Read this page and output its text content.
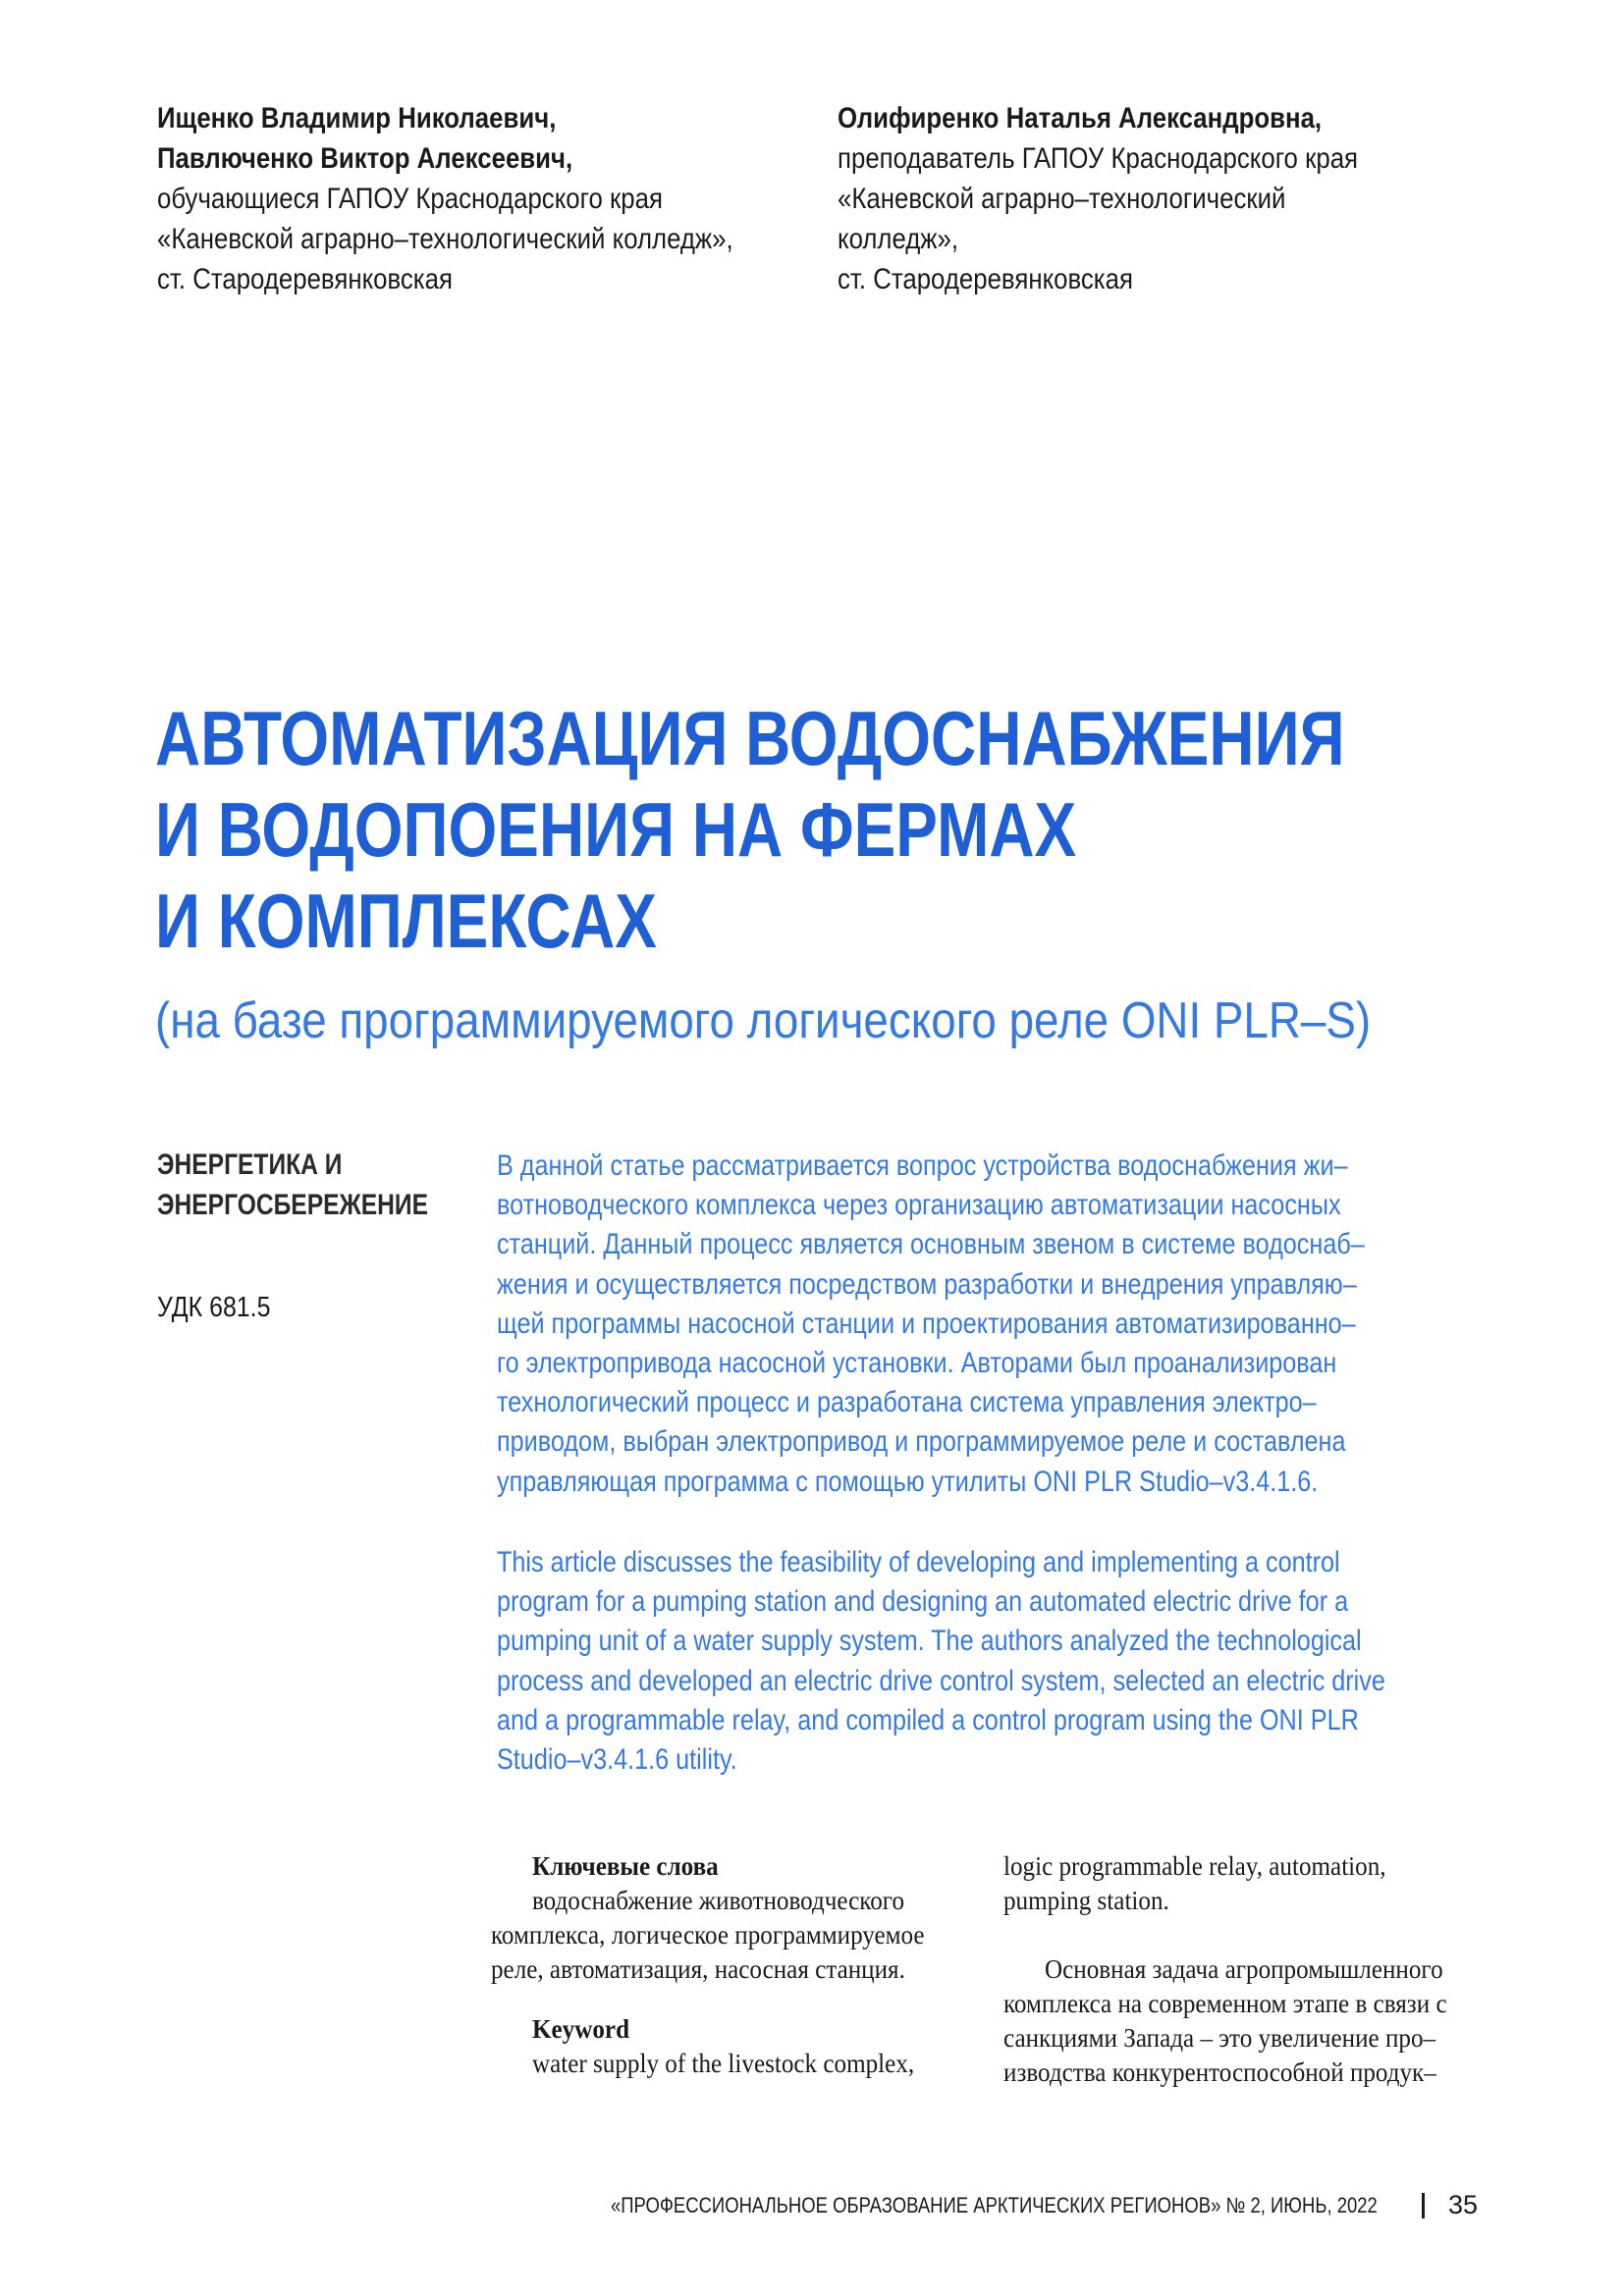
Ищенко Владимир Николаевич,
Павлюченко Виктор Алексеевич,
обучающиеся ГАПОУ Краснодарского края
«Каневской аграрно–технологический колледж»,
ст. Стародеревянковская
Олифиренко Наталья Александровна,
преподаватель ГАПОУ Краснодарского края
«Каневской аграрно–технологический
колледж»,
ст. Стародеревянковская
АВТОМАТИЗАЦИЯ ВОДОСНАБЖЕНИЯ
И ВОДОПОЕНИЯ НА ФЕРМАХ
И КОМПЛЕКСАХ
(на базе программируемого логического реле ONI PLR–S)
ЭНЕРГЕТИКА И
ЭНЕРГОСБЕРЕЖЕНИЕ
УДК 681.5
В данной статье рассматривается вопрос устройства водоснабжения жи–
вотноводческого комплекса через организацию автоматизации насосных
станций. Данный процесс является основным звеном в системе водоснаб–
жения и осуществляется посредством разработки и внедрения управляю–
щей программы насосной станции и проектирования автоматизированно–
го электропривода насосной установки. Авторами был проанализирован
технологический процесс и разработана система управления электро–
приводом, выбран электропривод и программируемое реле и составлена
управляющая программа с помощью утилиты ONI PLR Studio–v3.4.1.6.
This article discusses the feasibility of developing and implementing a control
program for a pumping station and designing an automated electric drive for a
pumping unit of a water supply system. The authors analyzed the technological
process and developed an electric drive control system, selected an electric drive
and a programmable relay, and compiled a control program using the ONI PLR
Studio–v3.4.1.6 utility.
Ключевые слова
водоснабжение животноводческого
комплекса, логическое программируемое
реле, автоматизация, насосная станция.
Keyword
water supply of the livestock complex,
logic programmable relay, automation,
pumping station.
Основная задача агропромышленного
комплекса на современном этапе в связи с
санкциями Запада – это увеличение про–
изводства конкурентоспособной продук–
«ПРОФЕССИОНАЛЬНОЕ ОБРАЗОВАНИЕ АРКТИЧЕСКИХ РЕГИОНОВ» № 2, ИЮНЬ, 2022	35
